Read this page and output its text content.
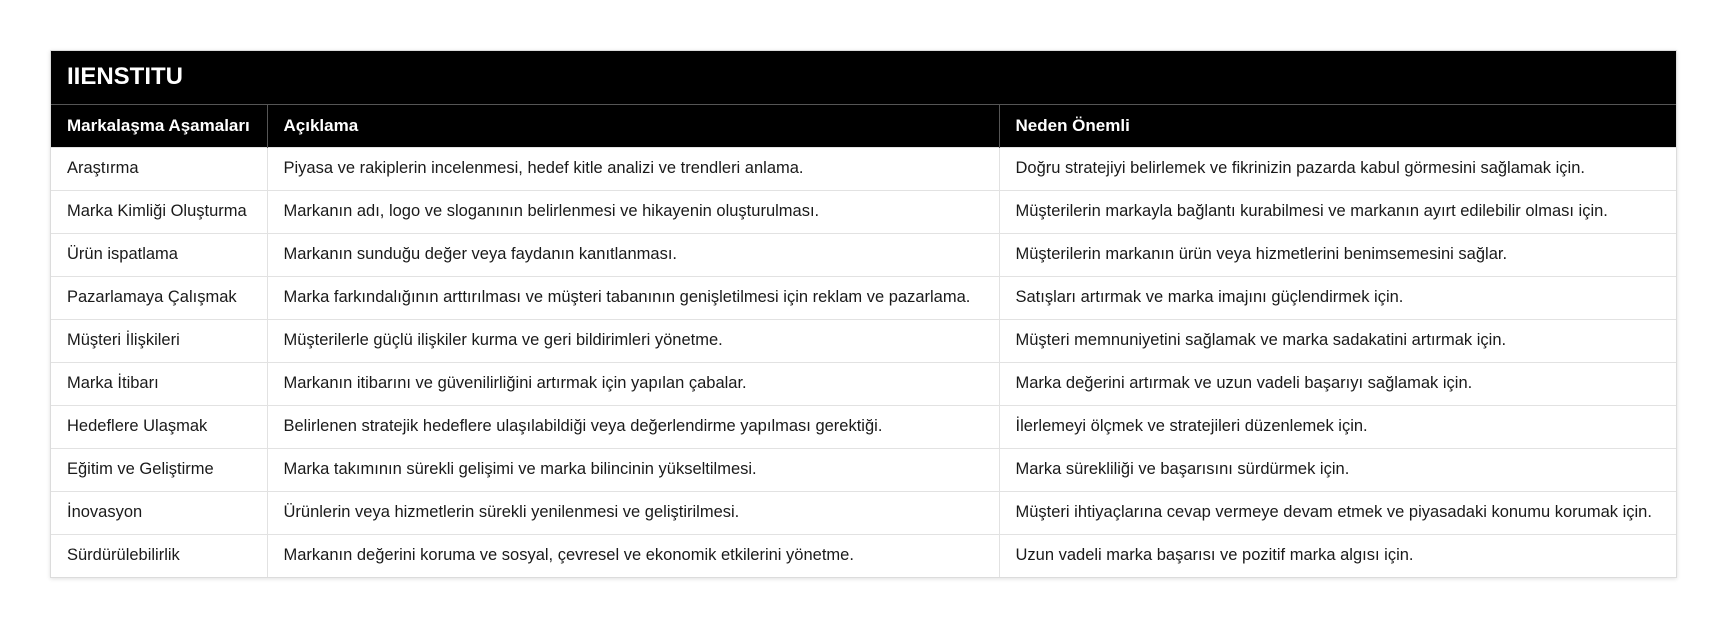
IIENSTITU		
Markalaşma Aşamaları	Açıklama	Neden Önemli
Araştırma	Piyasa ve rakiplerin incelenmesi, hedef kitle analizi ve trendleri anlama.	Doğru stratejiyi belirlemek ve fikrinizin pazarda kabul görmesini sağlamak için.
Marka Kimliği Oluşturma	Markanın adı, logo ve sloganının belirlenmesi ve hikayenin oluşturulması.	Müşterilerin markayla bağlantı kurabilmesi ve markanın ayırt edilebilir olması için.
Ürün ispatlama	Markanın sunduğu değer veya faydanın kanıtlanması.	Müşterilerin markanın ürün veya hizmetlerini benimsemesini sağlar.
Pazarlamaya Çalışmak	Marka farkındalığının arttırılması ve müşteri tabanının genişletilmesi için reklam ve pazarlama.	Satışları artırmak ve marka imajını güçlendirmek için.
Müşteri İlişkileri	Müşterilerle güçlü ilişkiler kurma ve geri bildirimleri yönetme.	Müşteri memnuniyetini sağlamak ve marka sadakatini artırmak için.
Marka İtibarı	Markanın itibarını ve güvenilirliğini artırmak için yapılan çabalar.	Marka değerini artırmak ve uzun vadeli başarıyı sağlamak için.
Hedeflere Ulaşmak	Belirlenen stratejik hedeflere ulaşılabildiği veya değerlendirme yapılması gerektiği.	İlerlemeyi ölçmek ve stratejileri düzenlemek için.
Eğitim ve Geliştirme	Marka takımının sürekli gelişimi ve marka bilincinin yükseltilmesi.	Marka sürekliliği ve başarısını sürdürmek için.
İnovasyon	Ürünlerin veya hizmetlerin sürekli yenilenmesi ve geliştirilmesi.	Müşteri ihtiyaçlarına cevap vermeye devam etmek ve piyasadaki konumu korumak için.
Sürdürülebilirlik	Markanın değerini koruma ve sosyal, çevresel ve ekonomik etkilerini yönetme.	Uzun vadeli marka başarısı ve pozitif marka algısı için.
